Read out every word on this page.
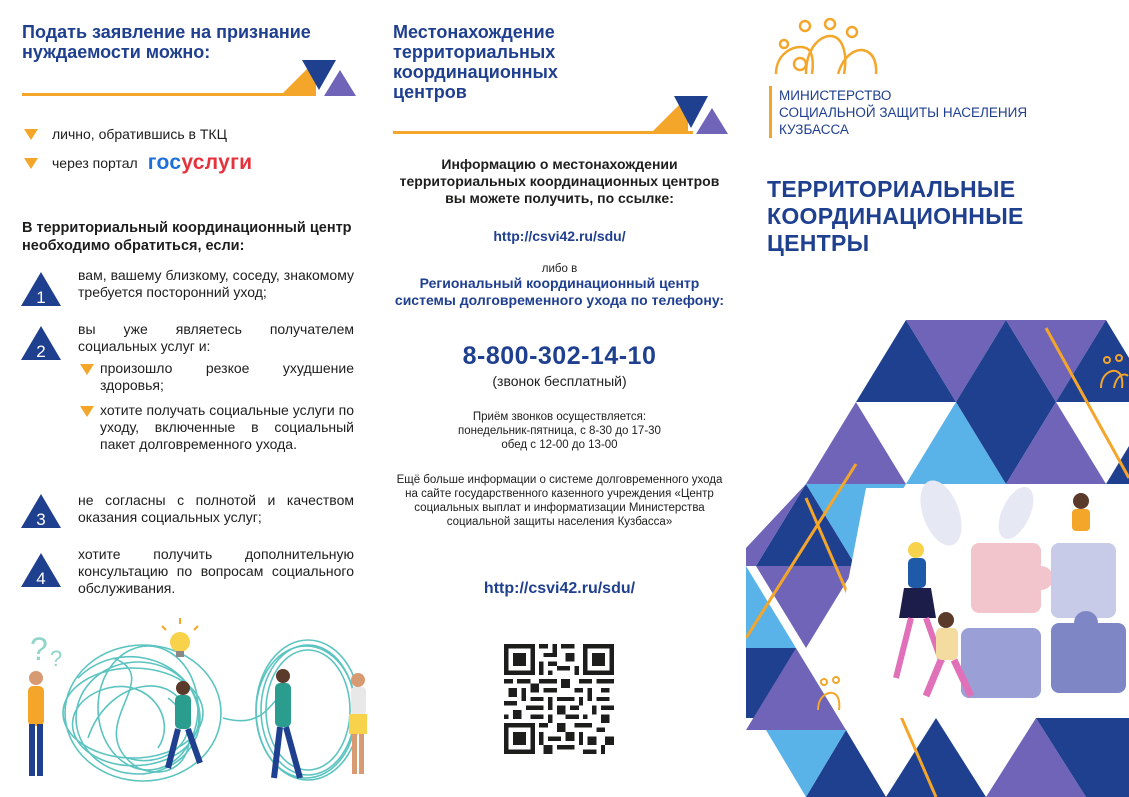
Подать заявление на признание нуждаемости можно:
лично, обратившись в ТКЦ
через портал госуслуги
В территориальный координационный центр необходимо обратиться, если:
1
вам, вашему близкому, соседу, знакомому требуется посторонний уход;
2
вы уже являетесь получателем социальных услуг и:
произошло резкое ухудшение здоровья;
хотите получать социальные услуги по уходу, включенные в социальный пакет долговременного ухода.
3
не согласны с полнотой и качеством оказания социальных услуг;
4
хотите получить дополнительную консультацию по вопросам социального обслуживания.
? ?
Местонахождение территориальных координационных центров
Информацию о местонахождении территориальных координационных центров вы можете получить, по ссылке:
http://csvi42.ru/sdu/
либо в
Региональный координационный центр системы долговременного ухода по телефону:
8-800-302-14-10
(звонок бесплатный)
Приём звонков осуществляется:
понедельник-пятница, с 8-30 до 17-30
обед с 12-00 до 13-00
Ещё больше информации о системе долговременного ухода на сайте государственного казенного учреждения «Центр социальных выплат и информатизации Министерства социальной защиты населения Кузбасса»
http://csvi42.ru/sdu/
МИНИСТЕРСТВО
СОЦИАЛЬНОЙ ЗАЩИТЫ НАСЕЛЕНИЯ
КУЗБАССА
ТЕРРИТОРИАЛЬНЫЕ КООРДИНАЦИОННЫЕ ЦЕНТРЫ
